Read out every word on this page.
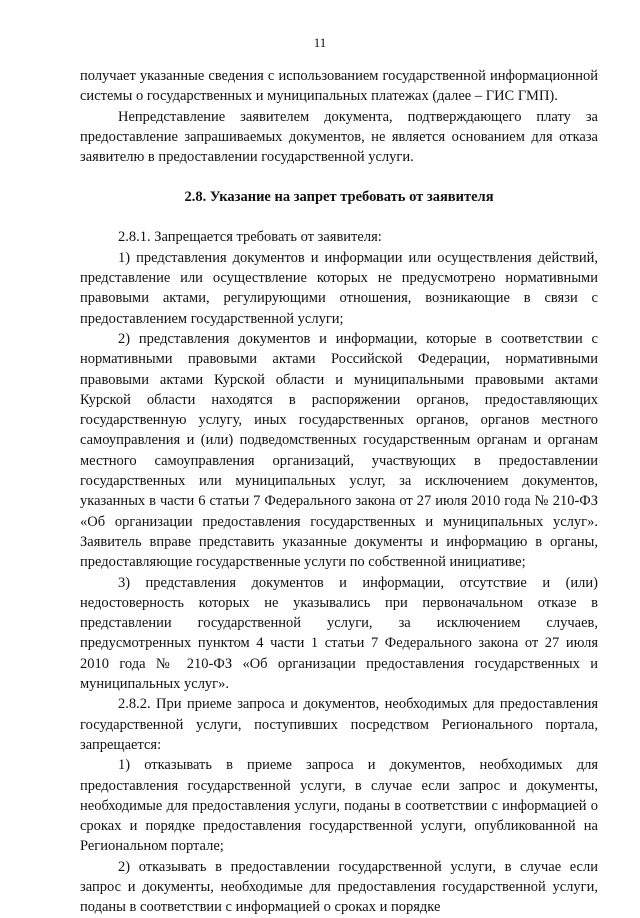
11

получает указанные сведения с использованием государственной информационной системы о государственных и муниципальных платежах (далее – ГИС ГМП).

Непредставление заявителем документа, подтверждающего плату за предоставление запрашиваемых документов, не является основанием для отказа заявителю в предоставлении государственной услуги.

2.8. Указание на запрет требовать от заявителя

2.8.1. Запрещается требовать от заявителя:

1) представления документов и информации или осуществления действий, представление или осуществление которых не предусмотрено нормативными правовыми актами, регулирующими отношения, возникающие в связи с предоставлением государственной услуги;

2) представления документов и информации, которые в соответствии с нормативными правовыми актами Российской Федерации, нормативными правовыми актами Курской области и муниципальными правовыми актами Курской области находятся в распоряжении органов, предоставляющих государственную услугу, иных государственных органов, органов местного самоуправления и (или) подведомственных государственным органам и органам местного самоуправления организаций, участвующих в предоставлении государственных или муниципальных услуг, за исключением документов, указанных в части 6 статьи 7 Федерального закона от 27 июля 2010 года № 210-ФЗ «Об организации предоставления государственных и муниципальных услуг». Заявитель вправе представить указанные документы и информацию в органы, предоставляющие государственные услуги по собственной инициативе;

3) представления документов и информации, отсутствие и (или) недостоверность которых не указывались при первоначальном отказе в представлении государственной услуги, за исключением случаев, предусмотренных пунктом 4 части 1 статьи 7 Федерального закона от 27 июля 2010 года № 210-ФЗ «Об организации предоставления государственных и муниципальных услуг».

2.8.2. При приеме запроса и документов, необходимых для предоставления государственной услуги, поступивших посредством Регионального портала, запрещается:

1) отказывать в приеме запроса и документов, необходимых для предоставления государственной услуги, в случае если запрос и документы, необходимые для предоставления услуги, поданы в соответствии с информацией о сроках и порядке предоставления государственной услуги, опубликованной на Региональном портале;

2) отказывать в предоставлении государственной услуги, в случае если запрос и документы, необходимые для предоставления государственной услуги, поданы в соответствии с информацией о сроках и порядке
